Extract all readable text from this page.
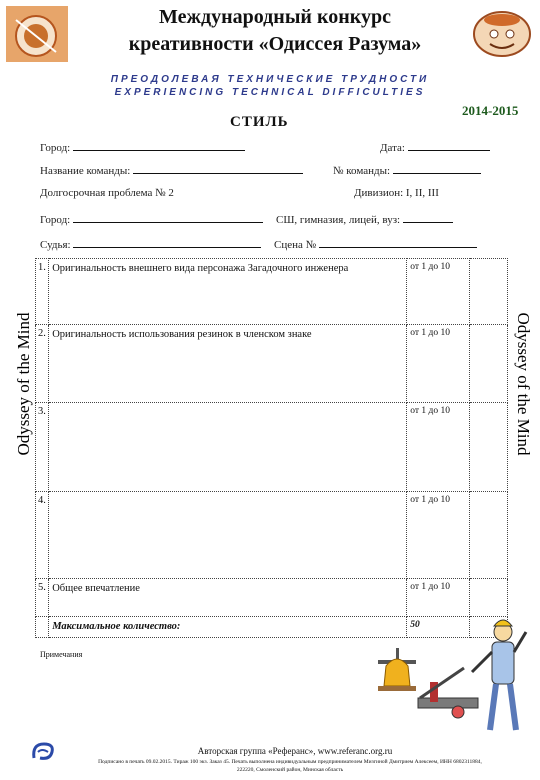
Международный конкурс
креативности «Одиссея Разума»
ПРЕОДОЛЕВАЯ ТЕХНИЧЕСКИЕ ТРУДНОСТИ
EXPERIENCING TECHNICAL DIFFICULTIES
2014-2015
СТИЛЬ
Город:	Дата:
Название команды:	№ команды:
Долгосрочная проблема № 2	Дивизион: I, II, III
Город:	СШ, гимназия, лицей, вуз:
Судья:	Сцена №
Odyssey of the Mind	Odyssey of the Mind
1.	Оригинальность внешнего вида персонажа Загадочного инженера	от 1 до 10	
2.	Оригинальность использования резинок в членском знаке	от 1 до 10	
3.		от 1 до 10	
4.		от 1 до 10	
5.	Общее впечатление	от 1 до 10	
	Максимальное количество:	50	
Примечания
Авторская группа «Реферанс», www.referanс.org.ru
Подписано в печать 09.02.2015. Тираж 100 экз. Заказ 45. Печать выполнена индивидуальным предпринимателем Мизгиной Дмитрием Алексеем, ИНН 6802311884, 222220, Смоленский район, Минская область
